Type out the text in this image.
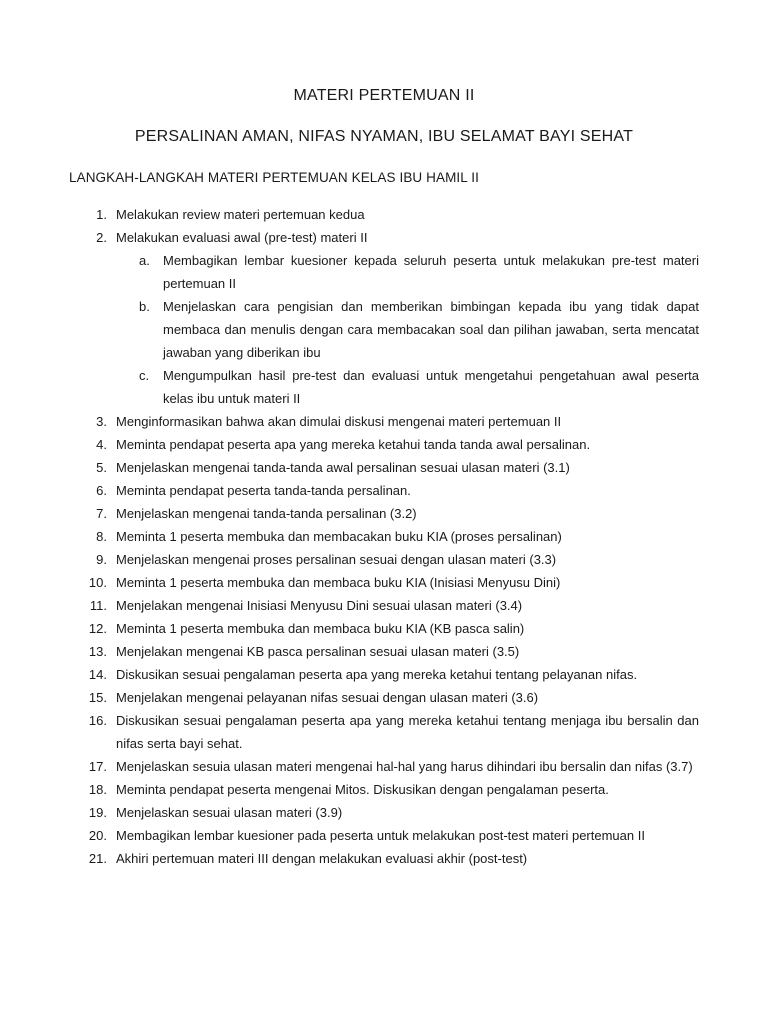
MATERI PERTEMUAN II
PERSALINAN AMAN, NIFAS NYAMAN, IBU SELAMAT BAYI SEHAT
LANGKAH-LANGKAH MATERI PERTEMUAN KELAS IBU HAMIL II
1. Melakukan review materi pertemuan kedua
2. Melakukan evaluasi awal (pre-test) materi II
a. Membagikan lembar kuesioner kepada seluruh peserta untuk melakukan pre-test materi pertemuan II
b. Menjelaskan cara pengisian dan memberikan bimbingan kepada ibu yang tidak dapat membaca dan menulis dengan cara membacakan soal dan pilihan jawaban, serta mencatat jawaban yang diberikan ibu
c. Mengumpulkan hasil pre-test dan evaluasi untuk mengetahui pengetahuan awal peserta kelas ibu untuk materi II
3. Menginformasikan bahwa akan dimulai diskusi mengenai materi pertemuan II
4. Meminta pendapat peserta apa yang mereka ketahui tanda tanda awal persalinan.
5. Menjelaskan mengenai tanda-tanda awal persalinan sesuai ulasan materi (3.1)
6. Meminta pendapat peserta tanda-tanda persalinan.
7. Menjelaskan mengenai tanda-tanda persalinan (3.2)
8. Meminta 1 peserta membuka dan membacakan buku KIA (proses persalinan)
9. Menjelaskan mengenai proses persalinan sesuai dengan ulasan materi (3.3)
10. Meminta 1 peserta membuka dan membaca buku KIA (Inisiasi Menyusu Dini)
11. Menjelakan mengenai Inisiasi Menyusu Dini sesuai ulasan materi (3.4)
12. Meminta 1 peserta membuka dan membaca buku KIA (KB pasca salin)
13. Menjelakan mengenai KB pasca persalinan sesuai ulasan materi (3.5)
14. Diskusikan sesuai pengalaman peserta apa yang mereka ketahui tentang pelayanan nifas.
15. Menjelakan mengenai pelayanan nifas sesuai dengan ulasan materi (3.6)
16. Diskusikan sesuai pengalaman peserta apa yang mereka ketahui tentang menjaga ibu bersalin dan nifas serta bayi sehat.
17. Menjelaskan sesuia ulasan materi mengenai hal-hal yang harus dihindari ibu bersalin dan nifas (3.7)
18. Meminta pendapat peserta mengenai Mitos. Diskusikan dengan pengalaman peserta.
19. Menjelaskan sesuai ulasan materi (3.9)
20. Membagikan lembar kuesioner pada peserta untuk melakukan post-test materi pertemuan II
21. Akhiri pertemuan materi III dengan melakukan evaluasi akhir (post-test)
